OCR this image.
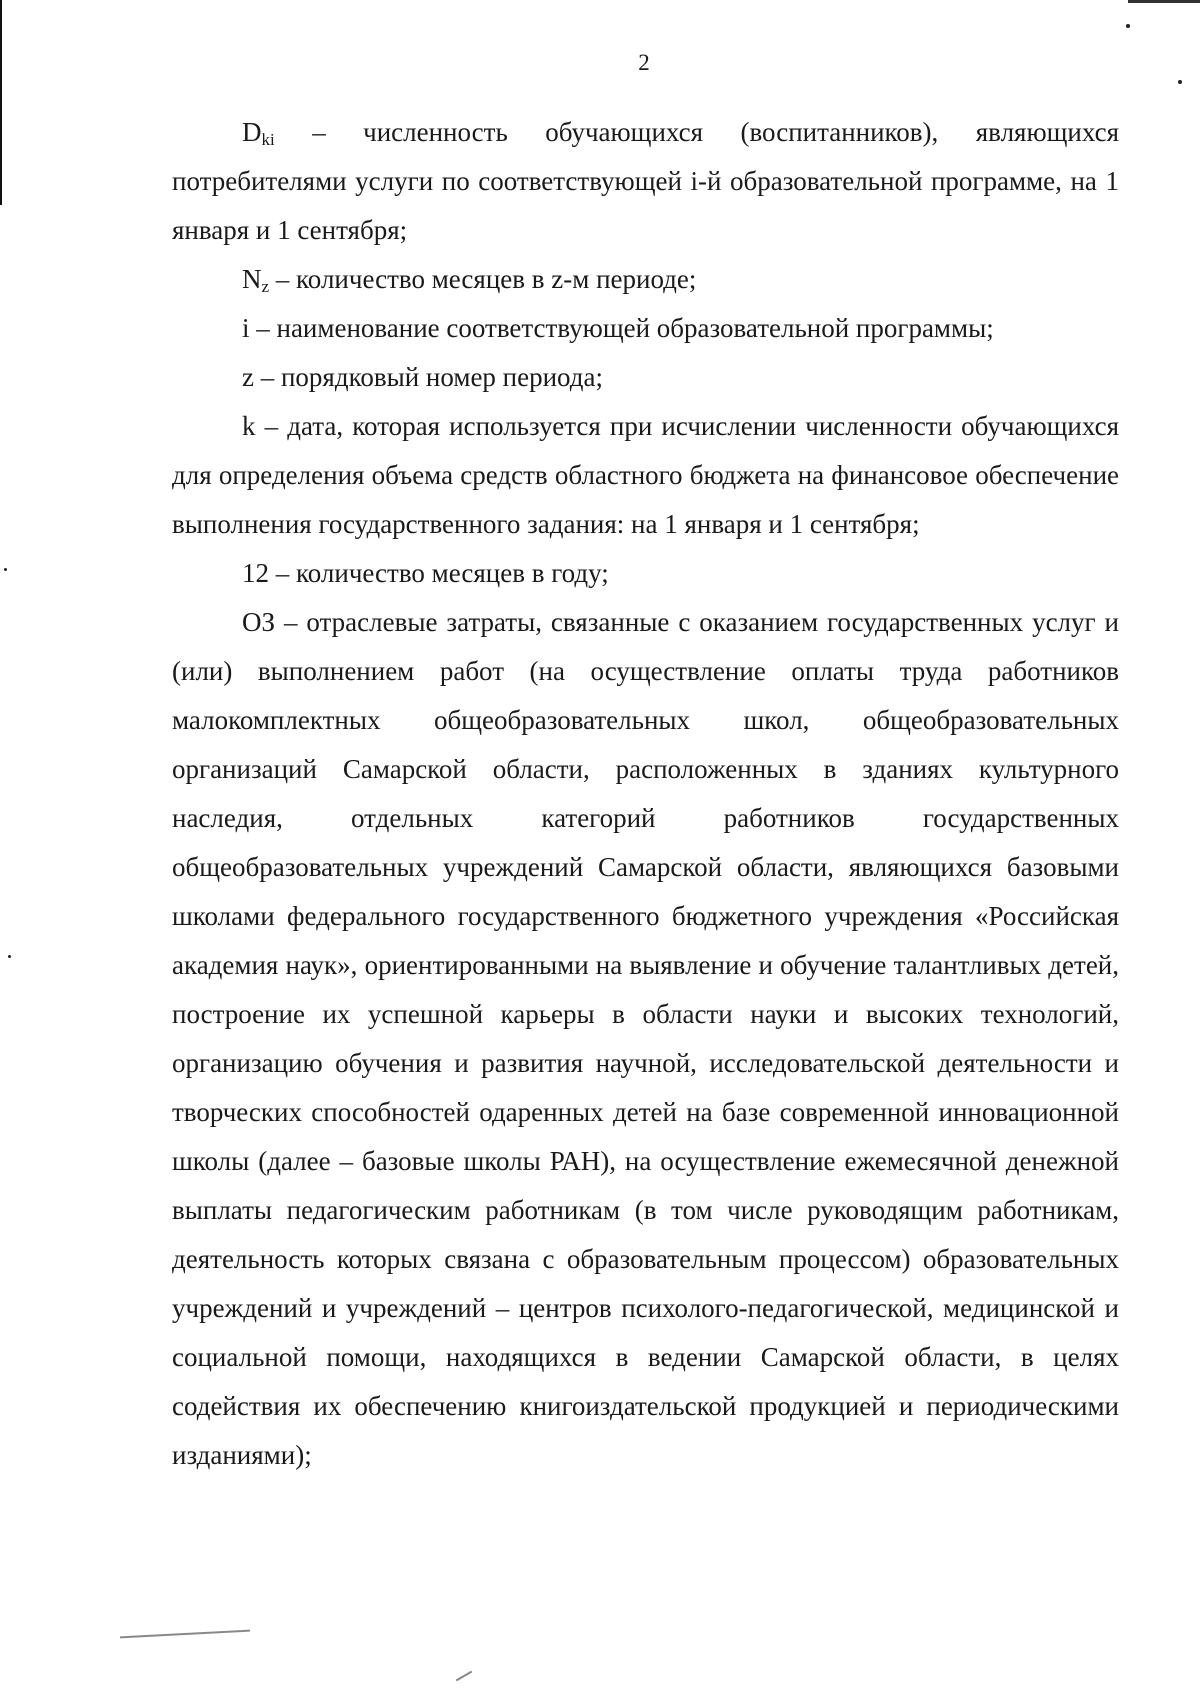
2

$D_{ki}$ – численность обучающихся (воспитанников), являющихся потребителями услуги по соответствующей i-й образовательной программе, на 1 января и 1 сентября;

$N_z$ – количество месяцев в z-м периоде;

i – наименование соответствующей образовательной программы;

z – порядковый номер периода;

k – дата, которая используется при исчислении численности обучающихся для определения объема средств областного бюджета на финансовое обеспечение выполнения государственного задания: на 1 января и 1 сентября;

12 – количество месяцев в году;

ОЗ – отраслевые затраты, связанные с оказанием государственных услуг и (или) выполнением работ (на осуществление оплаты труда работников малокомплектных общеобразовательных школ, общеобразовательных организаций Самарской области, расположенных в зданиях культурного наследия, отдельных категорий работников государственных общеобразовательных учреждений Самарской области, являющихся базовыми школами федерального государственного бюджетного учреждения «Российская академия наук», ориентированными на выявление и обучение талантливых детей, построение их успешной карьеры в области науки и высоких технологий, организацию обучения и развития научной, исследовательской деятельности и творческих способностей одаренных детей на базе современной инновационной школы (далее – базовые школы РАН), на осуществление ежемесячной денежной выплаты педагогическим работникам (в том числе руководящим работникам, деятельность которых связана с образовательным процессом) образовательных учреждений и учреждений – центров психолого-педагогической, медицинской и социальной помощи, находящихся в ведении Самарской области, в целях содействия их обеспечению книгоиздательской продукцией и периодическими изданиями);
